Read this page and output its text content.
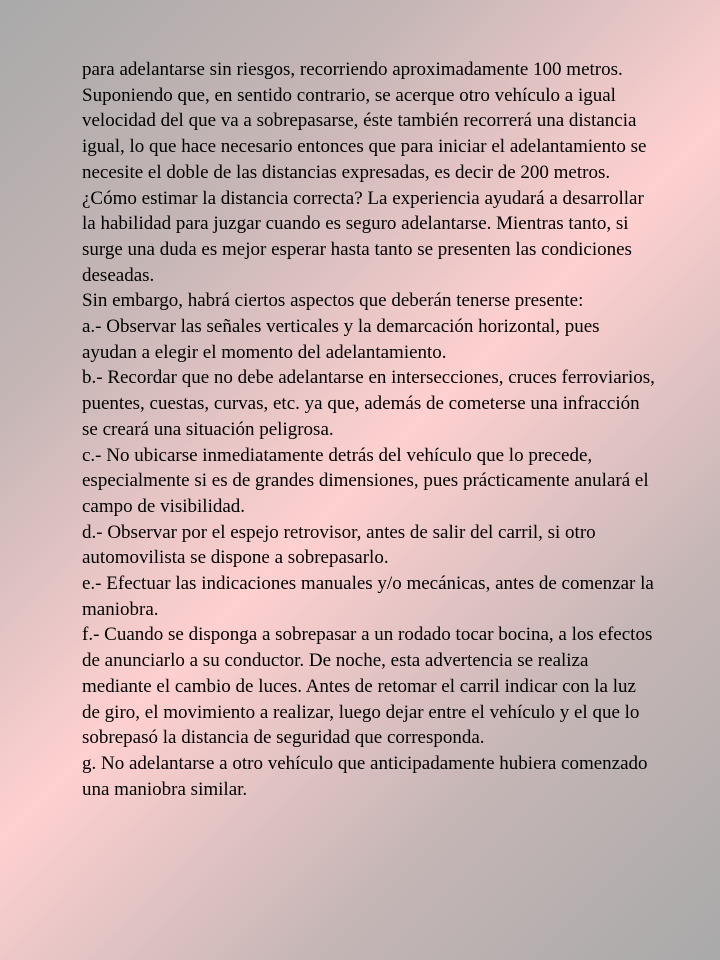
para adelantarse sin riesgos, recorriendo aproximadamente 100 metros.

Suponiendo que, en sentido contrario, se acerque otro vehículo a igual velocidad del que va a sobrepasarse, éste también recorrerá una distancia igual, lo que hace necesario entonces que para iniciar el adelantamiento se necesite el doble de las distancias expresadas, es decir de 200 metros.

¿Cómo estimar la distancia correcta? La experiencia ayudará a desarrollar la habilidad para juzgar cuando es seguro adelantarse. Mientras tanto, si surge una duda es mejor esperar hasta tanto se presenten las condiciones deseadas.

Sin embargo, habrá ciertos aspectos que deberán tenerse presente:

a.- Observar las señales verticales y la demarcación horizontal, pues ayudan a elegir el momento del adelantamiento.

b.- Recordar que no debe adelantarse en intersecciones, cruces ferroviarios, puentes, cuestas, curvas, etc. ya que, además de cometerse una infracción se creará una situación peligrosa.

c.- No ubicarse inmediatamente detrás del vehículo que lo precede, especialmente si es de grandes dimensiones, pues prácticamente anulará el campo de visibilidad.

d.- Observar por el espejo retrovisor, antes de salir del carril, si otro automovilista se dispone a sobrepasarlo.

e.- Efectuar las indicaciones manuales y/o mecánicas, antes de comenzar la maniobra.

f.- Cuando se disponga a sobrepasar a un rodado tocar bocina, a los efectos de anunciarlo a su conductor. De noche, esta advertencia se realiza mediante el cambio de luces. Antes de retomar el carril indicar con la luz de giro, el movimiento a realizar, luego dejar entre el vehículo y el que lo sobrepasó la distancia de seguridad que corresponda.

g. No adelantarse a otro vehículo que anticipadamente hubiera comenzado una maniobra similar.
